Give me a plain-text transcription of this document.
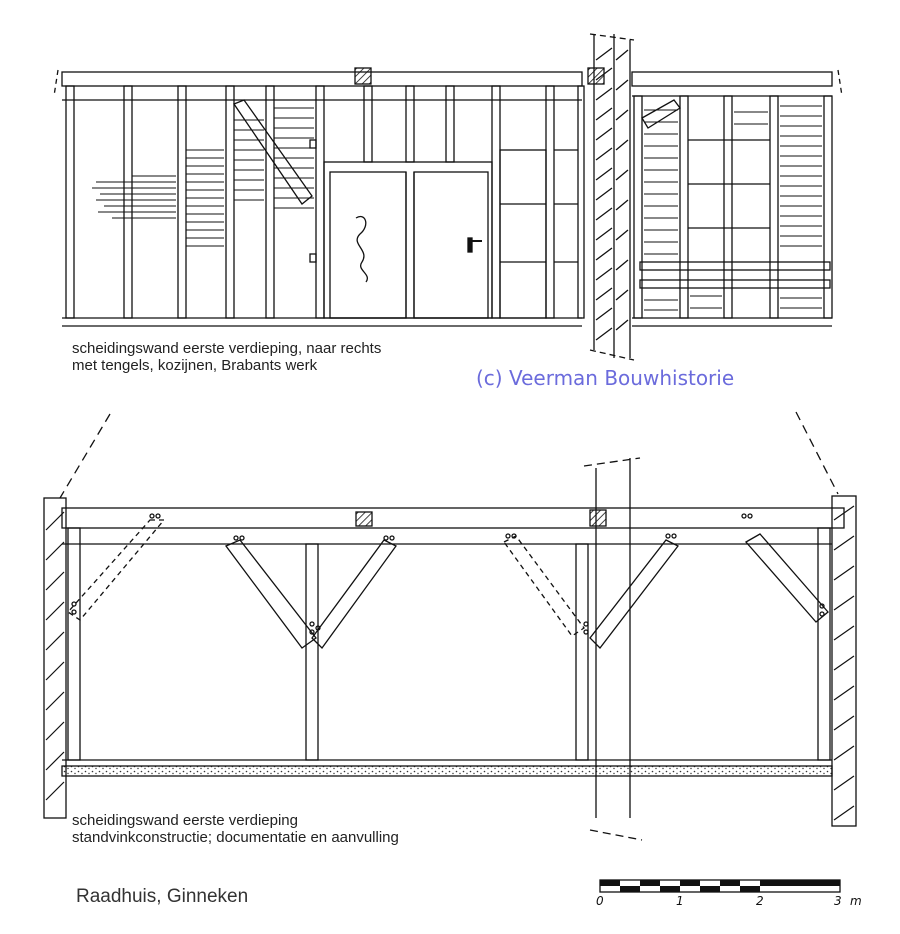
0	1	2	3 m
scheidingswand eerste verdieping, naar rechts
met tengels, kozijnen, Brabants werk
(c) Veerman Bouwhistorie
scheidingswand eerste verdieping
standvinkconstructie; documentatie en aanvulling
Raadhuis, Ginneken
